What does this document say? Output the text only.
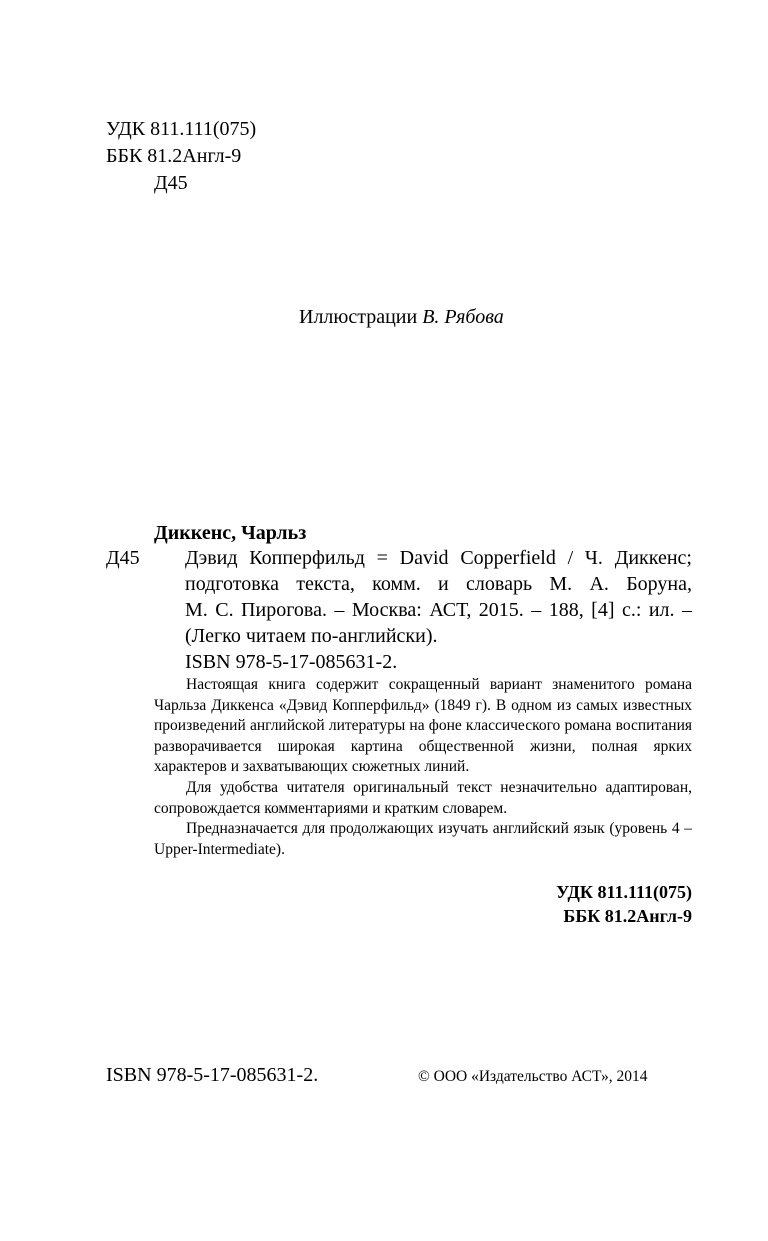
УДК 811.111(075)
ББК 81.2Англ-9
Д45
Иллюстрации В. Рябова
Диккенс, Чарльз
Д45	Дэвид Копперфильд = David Copperfield / Ч. Диккенс;
подготовка текста, комм. и словарь М. А. Боруна,
М. С. Пирогова. – Москва: АСТ, 2015. – 188, [4] с.: ил. –
(Легко читаем по-английски).
ISBN 978-5-17-085631-2.

Настоящая книга содержит сокращенный вариант знаменитого романа Чарльза Диккенса «Дэвид Копперфильд» (1849 г). В одном из самых известных произведений английской литературы на фоне классического романа воспитания разворачивается широкая картина общественной жизни, полная ярких характеров и захватывающих сюжетных линий.

Для удобства читателя оригинальный текст незначительно адаптирован, сопровождается комментариями и кратким словарем.

Предназначается для продолжающих изучать английский язык (уровень 4 – Upper-Intermediate).

УДК 811.111(075)
ББК 81.2Англ-9
ISBN 978-5-17-085631-2.	© ООО «Издательство АСТ», 2014
